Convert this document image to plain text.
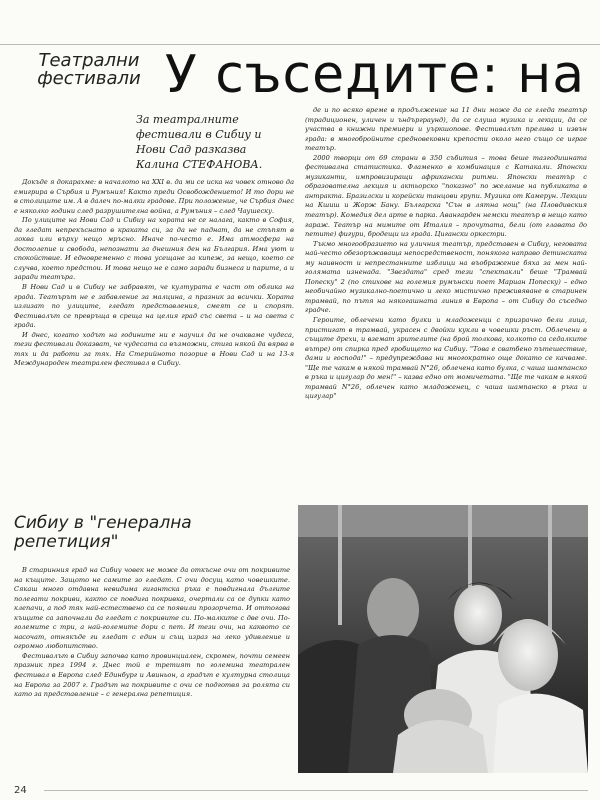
Театрални фестивали У съседите: на
За театралните фестивали в Сибиу и Нови Сад разказва Калина СТЕФАНОВА.

Докъде я докарахме: в началото на XXI в. да ми се иска на човек отново да емигрира в Сърбия и Румъния! Както преди Освобождението! И то дори не в столиците им. А в далеч по-малки градове. При положение, че Сърбия днес е няколко години след разрушителна война, а Румъния – след Чаушеску.

По улиците на Нови Сад и Сибиу на хората не се налага, както в София, да гледат непрекъснато в краката си, за да не паднат, да не стъпят в локва или върху нещо мръсно. Иначе по-често е. Има атмосфера на достолепие и свобода, непознати за днешния ден на България. Има уют и спокойствие. И едновременно с това усещане за кипеж, за нещо, което се случва, което предстои. И това нещо не е само заради бизнеса и парите, а и заради театъра.

В Нови Сад и в Сибиу не забравят, че културата е част от облика на града. Театърът не е забавление за малцина, а празник за всички. Хората излизат по улиците, гледат представления, смеят се и спорят. Фестивалът се превръща в среща на целия град със света – и на света с града.

И днес, когато ходът на годините ни е научил да не очакваме чудеса, тези фестивали доказват, че чудесата са възможни, стига някой да вярва в тях и да работи за тях. На Стерийното позорие в Нови Сад и на 13-я Международен театрален фестивал в Сибиу.

де и по всяко време в продължение на 11 дни може да се гледа театър (традиционен, уличен и ъндърграунд), да се слуша музика и лекции, да се участва в книжни премиери и уъркшопове. Фестивалът прелива и извън града: в многобройните средновековни крепости около него също се играе театър.

2000 творци от 69 страни в 350 събития – това беше тазгодишната фестивална статистика. Фламенко в комбинация с Катакали. Японски музиканти, импровизиращи африкански ритми. Японски театър с образователна лекция и актьорско "показно" по желание на публиката в антракта. Бразилски и корейски танцови групи. Музика от Камерун. Лекции на Кшиш и Жорж Бану. Българска "Сън в лятна нощ" (на Пловдивския театър). Комедия дел арте в парка. Авангарден немски театър в нещо като гараж. Театър на мимите от Италия – прочутата, бели (от главата до петите) фигури, бродещи из града. Цигански оркестри.

Тъкмо многообразието на уличния театър, представен в Сибиу, неговата най-често обезоръжаваща непосредственост, понякога направо детинската му наивност и непрестанните изблици на въображение бяха за мен най-голямата изненада. "Звездата" сред тези "спектакли" беше "Трамвай Попеску" 2 (по стихове на големия румънски поет Мариан Попеску) – едно необичайно музикално-поетично и леко мистично преживяване в старинен трамвай, по пътя на някогашната линия в Европа – от Сибиу до съседно градче.

Героите, облечени като булки и младоженци с призрачно бели лица, пристигат в трамвай, украсен с двойки кукли в човешки ръст. Облечени в същите дрехи, и вземат зрителите (на брой толкова, колкото са седалките вътре) от спирка пред гробището на Сибиу. "Това е сватбено пътешествие, дами и господа!" – предупреждава ни многократно още докато се качваме. "Ще те чакам в някой трамвай N°26, облечена като булка, с чаша шампанско в ръка и цигулар до мен!" – казва едно от момичетата. "Ще те чакам в някой трамвай N°26, облечен като младоженец, с чаша шампанско в ръка и цигулар"

Сибиу в "генерална репетиция"

В старинния град на Сибиу човек не може да откъсне очи от покривите на къщите. Защото не самите зо гледат. С очи досущ като човешките. Сякаш много отдавна невидима гигантска ръка е повдигнала дългите полегати покриви, както се повдига покривка, очертали са се дупки като клепачи, а под тях най-естествено са се появили прозорчета. И оттогава къщите са започнали да гледат с покривите си. По-малките с две очи. По-големите с три, а най-големите дори с пет. И тези очи, на каквото се насочат, отнякъде ги гледат с един и същ израз на леко удивление и огромно любопитство.

Фестивалът в Сибиу започва като провинциален, скромен, почти семеен празник през 1994 г. Днес той е третият по големина театрален фестивал в Европа след Единбург и Авиньон, а градът е културна столица на Европа за 2007 г. Градът на покривите с очи се подготвя за ролята си като за представление – с генерална репетиция.

24
